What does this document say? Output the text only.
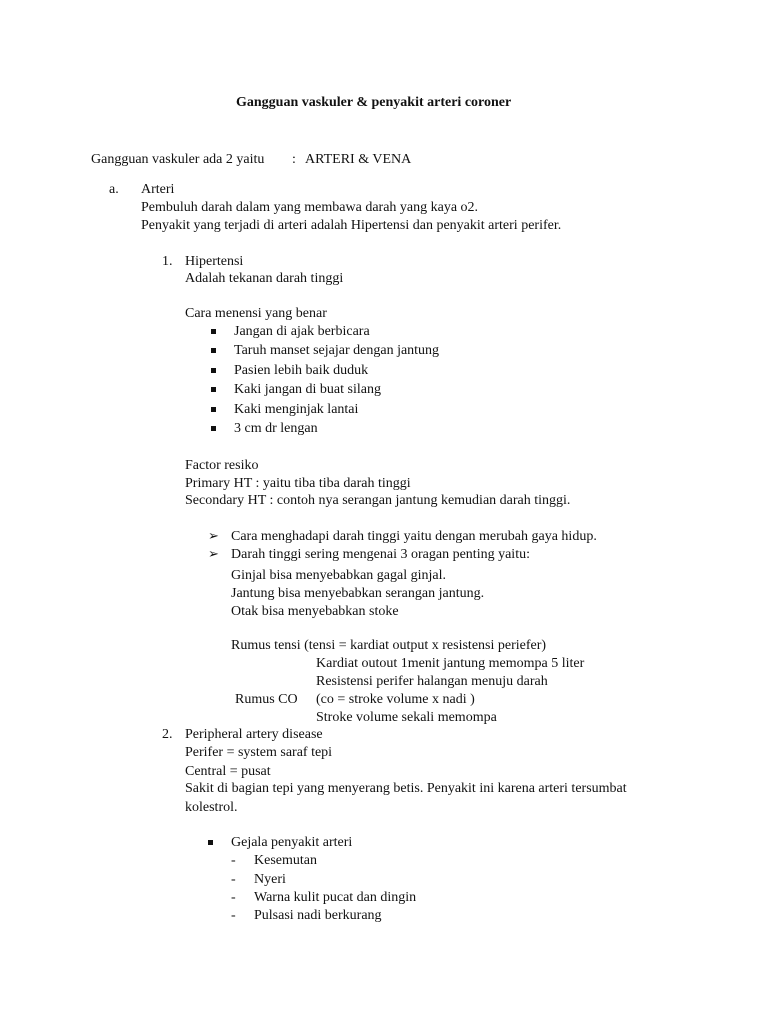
Gangguan vaskuler & penyakit arteri coroner
Gangguan vaskuler ada 2 yaitu : ARTERI & VENA
a. Arteri
Pembuluh darah dalam yang membawa darah yang kaya o2.
Penyakit yang terjadi di arteri adalah Hipertensi dan penyakit arteri perifer.
1. Hipertensi
Adalah tekanan darah tinggi
Cara menensi yang benar
Jangan di ajak berbicara
Taruh manset sejajar dengan jantung
Pasien lebih baik duduk
Kaki jangan di buat silang
Kaki menginjak lantai
3 cm dr lengan
Factor resiko
Primary HT : yaitu tiba tiba darah tinggi
Secondary HT : contoh nya serangan jantung kemudian darah tinggi.
➢ Cara menghadapi darah tinggi yaitu dengan merubah gaya hidup.
➢ Darah tinggi sering mengenai 3 oragan penting yaitu:
Ginjal bisa menyebabkan gagal ginjal.
Jantung bisa menyebabkan serangan jantung.
Otak bisa menyebabkan stoke
Rumus tensi (tensi = kardiat output x resistensi periefer)
Kardiat outout 1menit jantung memompa 5 liter
Resistensi perifer halangan menuju darah
Rumus CO (co = stroke volume x nadi )
Stroke volume sekali memompa
2. Peripheral artery disease
Perifer = system saraf tepi
Central = pusat
Sakit di bagian tepi yang menyerang betis. Penyakit ini karena arteri tersumbat
kolestrol.
Gejala penyakit arteri
- Kesemutan
- Nyeri
- Warna kulit pucat dan dingin
- Pulsasi nadi berkurang
